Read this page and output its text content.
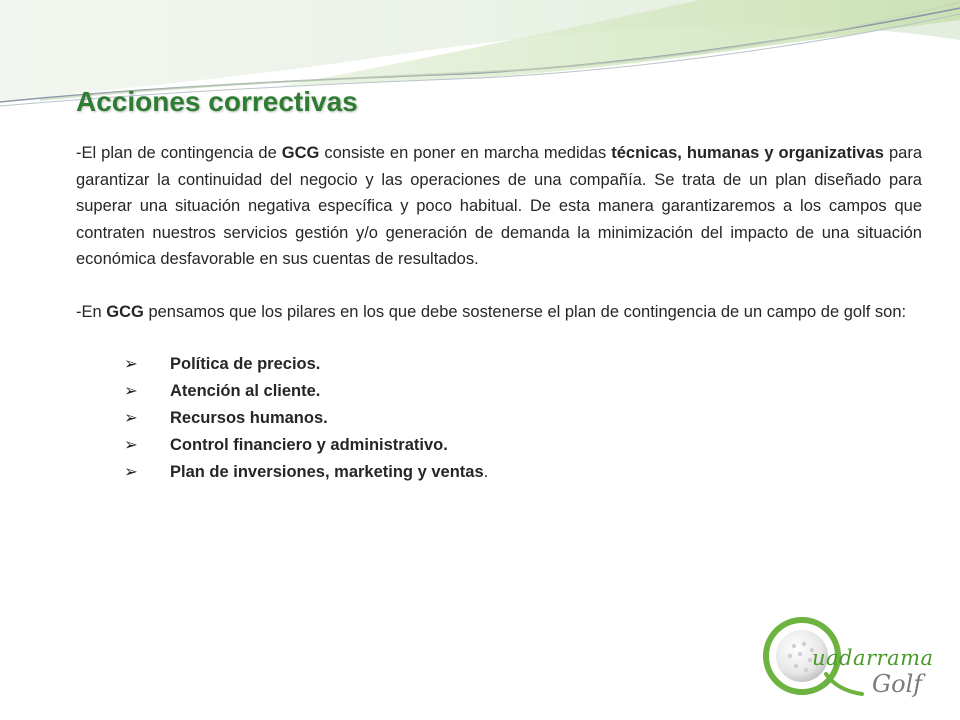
Acciones correctivas

-El plan de contingencia de GCG consiste en poner en marcha medidas técnicas, humanas y organizativas para garantizar la continuidad del negocio y las operaciones de una compañía. Se trata de un plan diseñado para superar una situación negativa específica y poco habitual. De esta manera garantizaremos a los campos que contraten nuestros servicios gestión y/o generación de demanda la minimización del impacto de una situación económica desfavorable en sus cuentas de resultados.

-En GCG pensamos que los pilares en los que debe sostenerse el plan de contingencia de un campo de golf son:

➢	Política de precios.
➢	Atención al cliente.
➢	Recursos humanos.
➢	Control financiero y administrativo.
➢	Plan de inversiones, marketing y ventas .
uadarrama
Golf
